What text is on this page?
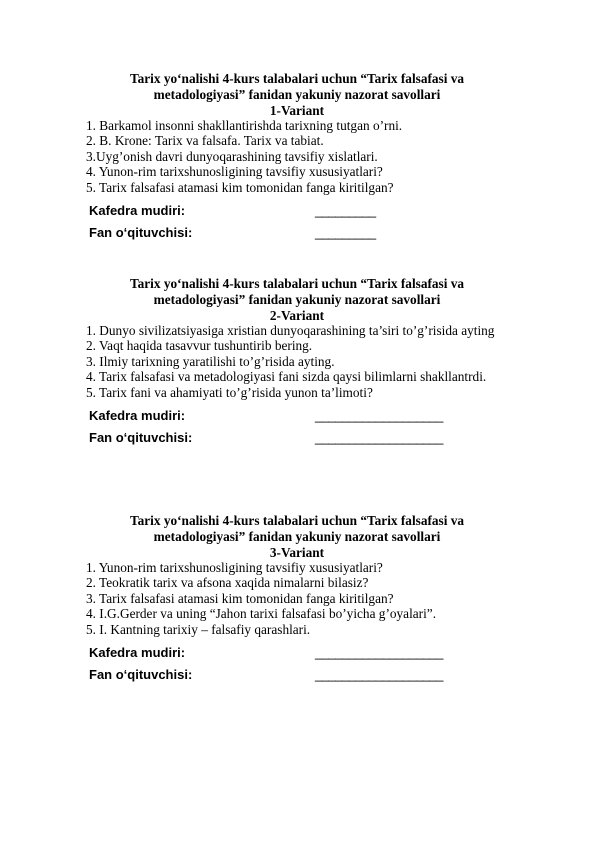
Tarix yo‘nalishi 4-kurs talabalari uchun “Tarix falsafasi va

metadologiyasi” fanidan yakuniy nazorat savollari

1-Variant

1. Barkamol insonni shakllantirishda tarixning tutgan o’rni.
2. B. Krone: Tarix va falsafa. Tarix va tabiat.
3.Uyg’onish davri dunyoqarashining tavsifiy xislatlari.
4. Yunon-rim tarixshunosligining tavsifiy xususiyatlari?
5. Tarix falsafasi atamasi kim tomonidan fanga kiritilgan?
Kafedra mudiri:	_________
Fan o‘qituvchisi:	_________

Tarix yo‘nalishi 4-kurs talabalari uchun “Tarix falsafasi va

metadologiyasi” fanidan yakuniy nazorat savollari

2-Variant

1. Dunyo sivilizatsiyasiga xristian dunyoqarashining ta’siri to’g’risida ayting
2. Vaqt haqida tasavvur tushuntirib bering.
3. Ilmiy tarixning yaratilishi to’g’risida ayting.
4. Tarix falsafasi va metadologiyasi fani sizda qaysi bilimlarni shakllantrdi.
5. Tarix fani va ahamiyati to’g’risida yunon ta’limoti?
Kafedra mudiri:	___________________
Fan o‘qituvchisi:	___________________

Tarix yo‘nalishi 4-kurs talabalari uchun “Tarix falsafasi va

metadologiyasi” fanidan yakuniy nazorat savollari

3-Variant

1. Yunon-rim tarixshunosligining tavsifiy xususiyatlari?
2. Teokratik tarix va afsona xaqida nimalarni bilasiz?
3. Tarix falsafasi atamasi kim tomonidan fanga kiritilgan?
4. I.G.Gerder va uning “Jahon tarixi falsafasi bo’yicha g’oyalari”.
5. I. Kantning tarixiy – falsafiy qarashlari.
Kafedra mudiri:	___________________
Fan o‘qituvchisi:	___________________
